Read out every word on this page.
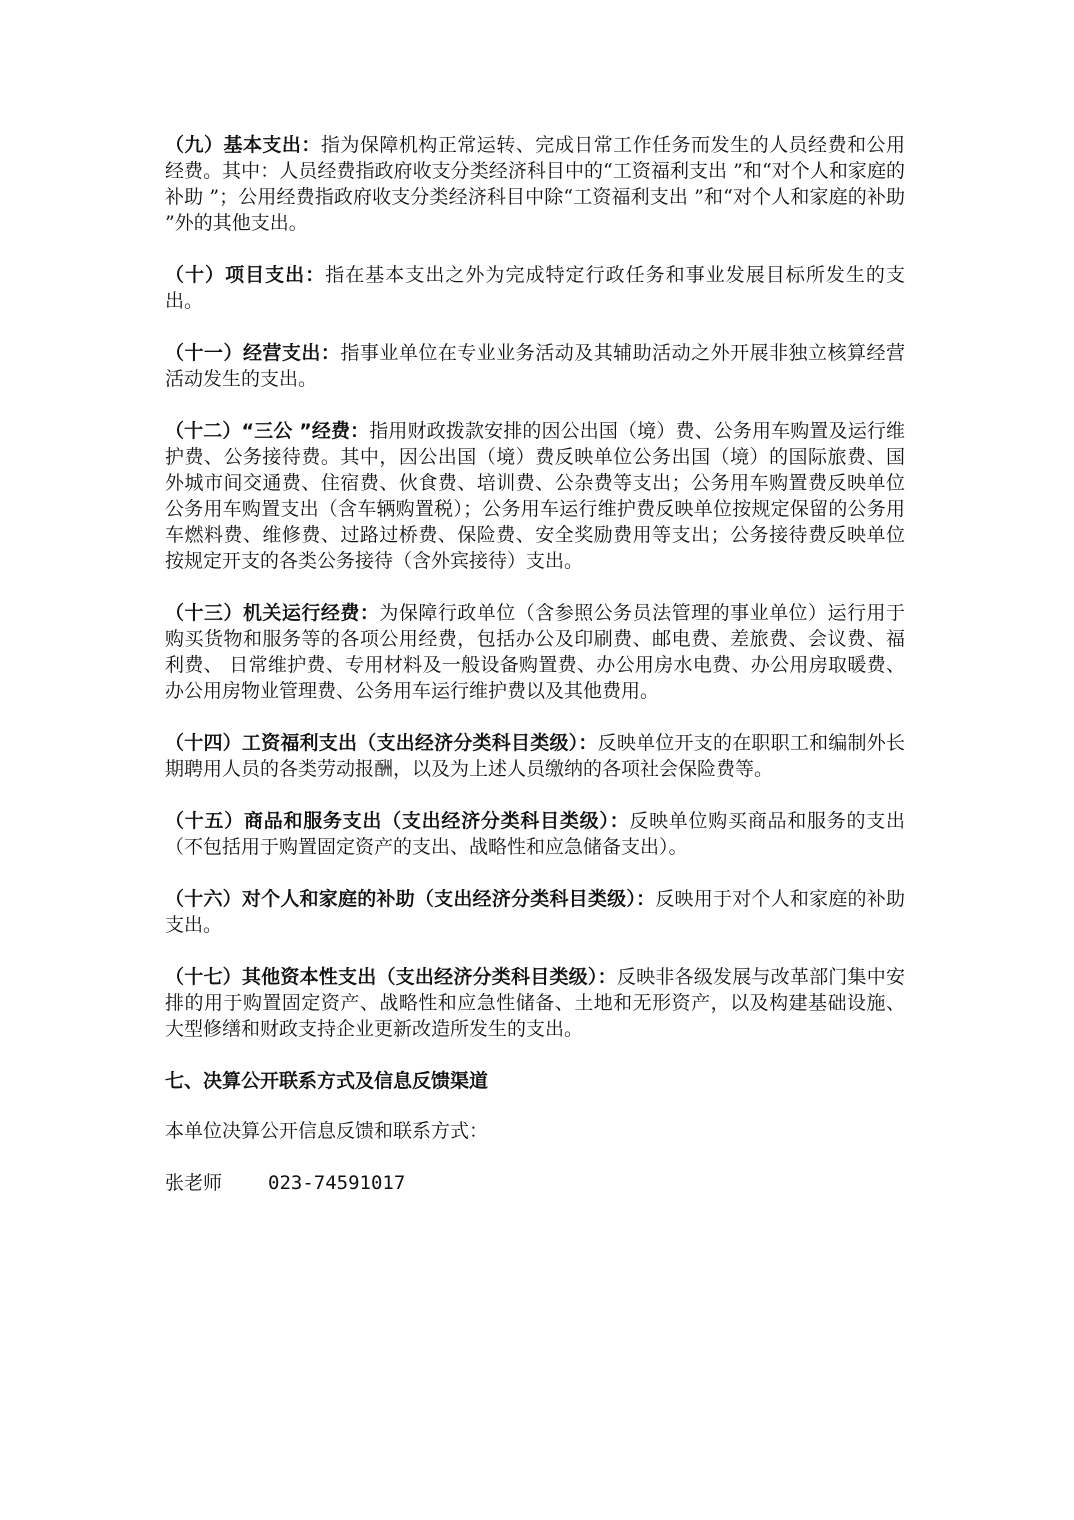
（九）基本支出：指为保障机构正常运转、完成日常工作任务而发生的人员经费和公用经费。其中：人员经费指政府收支分类经济科目中的“工资福利支出 ”和“对个人和家庭的补助 ”；公用经费指政府收支分类经济科目中除“工资福利支出 ”和“对个人和家庭的补助 ”外的其他支出。

（十）项目支出：指在基本支出之外为完成特定行政任务和事业发展目标所发生的支出。

（十一）经营支出：指事业单位在专业业务活动及其辅助活动之外开展非独立核算经营活动发生的支出。

（十二）“三公 ”经费：指用财政拨款安排的因公出国（境）费、公务用车购置及运行维护费、公务接待费。其中，因公出国（境）费反映单位公务出国（境）的国际旅费、国外城市间交通费、住宿费、伙食费、培训费、公杂费等支出；公务用车购置费反映单位公务用车购置支出（含车辆购置税）；公务用车运行维护费反映单位按规定保留的公务用车燃料费、维修费、过路过桥费、保险费、安全奖励费用等支出；公务接待费反映单位按规定开支的各类公务接待（含外宾接待）支出。

（十三）机关运行经费：为保障行政单位（含参照公务员法管理的事业单位）运行用于购买货物和服务等的各项公用经费，包括办公及印刷费、邮电费、差旅费、会议费、福利费、 日常维护费、专用材料及一般设备购置费、办公用房水电费、办公用房取暖费、办公用房物业管理费、公务用车运行维护费以及其他费用。

（十四）工资福利支出（支出经济分类科目类级）：反映单位开支的在职职工和编制外长期聘用人员的各类劳动报酬，以及为上述人员缴纳的各项社会保险费等。

（十五）商品和服务支出（支出经济分类科目类级）：反映单位购买商品和服务的支出（不包括用于购置固定资产的支出、战略性和应急储备支出）。

（十六）对个人和家庭的补助（支出经济分类科目类级）：反映用于对个人和家庭的补助支出。

（十七）其他资本性支出（支出经济分类科目类级）：反映非各级发展与改革部门集中安排的用于购置固定资产、战略性和应急性储备、土地和无形资产，以及构建基础设施、大型修缮和财政支持企业更新改造所发生的支出。

七、决算公开联系方式及信息反馈渠道

本单位决算公开信息反馈和联系方式：

张老师 023-74591017
